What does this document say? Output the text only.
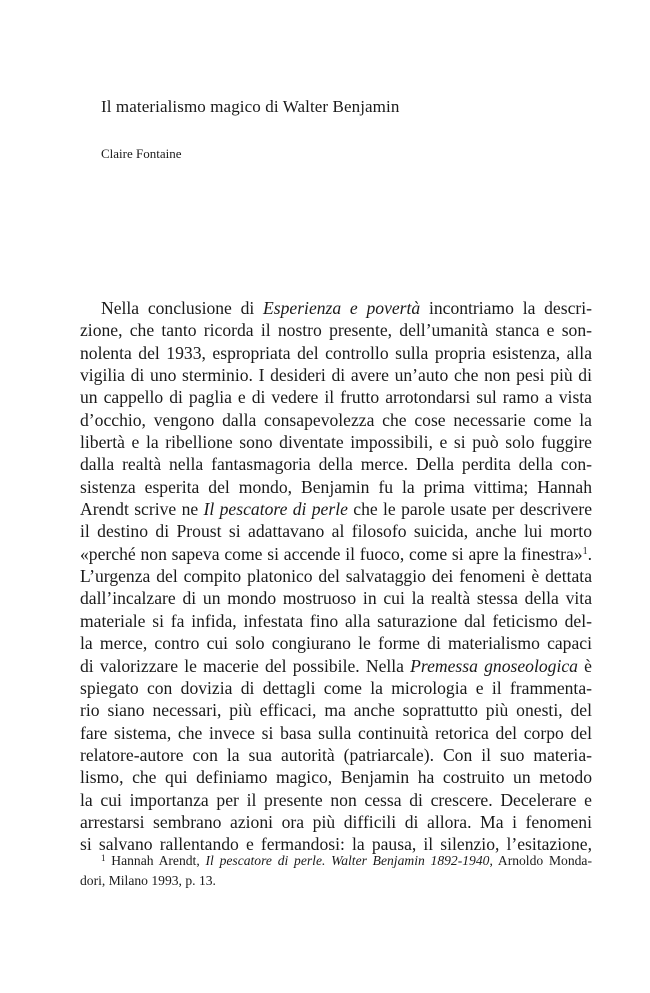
Il materialismo magico di Walter Benjamin

Claire Fontaine

Nella conclusione di Esperienza e povertà incontriamo la descri-
zione, che tanto ricorda il nostro presente, dell’umanità stanca e son-
nolenta del 1933, espropriata del controllo sulla propria esistenza, alla
vigilia di uno sterminio. I desideri di avere un’auto che non pesi più di
un cappello di paglia e di vedere il frutto arrotondarsi sul ramo a vista
d’occhio, vengono dalla consapevolezza che cose necessarie come la
libertà e la ribellione sono diventate impossibili, e si può solo fuggire
dalla realtà nella fantasmagoria della merce. Della perdita della con-
sistenza esperita del mondo, Benjamin fu la prima vittima; Hannah
Arendt scrive ne Il pescatore di perle che le parole usate per descrivere
il destino di Proust si adattavano al filosofo suicida, anche lui morto
«perché non sapeva come si accende il fuoco, come si apre la finestra»$^1$.
L’urgenza del compito platonico del salvataggio dei fenomeni è dettata
dall’incalzare di un mondo mostruoso in cui la realtà stessa della vita
materiale si fa infida, infestata fino alla saturazione dal feticismo del-
la merce, contro cui solo congiurano le forme di materialismo capaci
di valorizzare le macerie del possibile. Nella Premessa gnoseologica è
spiegato con dovizia di dettagli come la micrologia e il frammenta-
rio siano necessari, più efficaci, ma anche soprattutto più onesti, del
fare sistema, che invece si basa sulla continuità retorica del corpo del
relatore-autore con la sua autorità (patriarcale). Con il suo materia-
lismo, che qui definiamo magico, Benjamin ha costruito un metodo
la cui importanza per il presente non cessa di crescere. Decelerare e
arrestarsi sembrano azioni ora più difficili di allora. Ma i fenomeni
si salvano rallentando e fermandosi: la pausa, il silenzio, l’esitazione,
$^1$ Hannah Arendt, Il pescatore di perle. Walter Benjamin 1892-1940, Arnoldo Monda-
dori, Milano 1993, p. 13.
